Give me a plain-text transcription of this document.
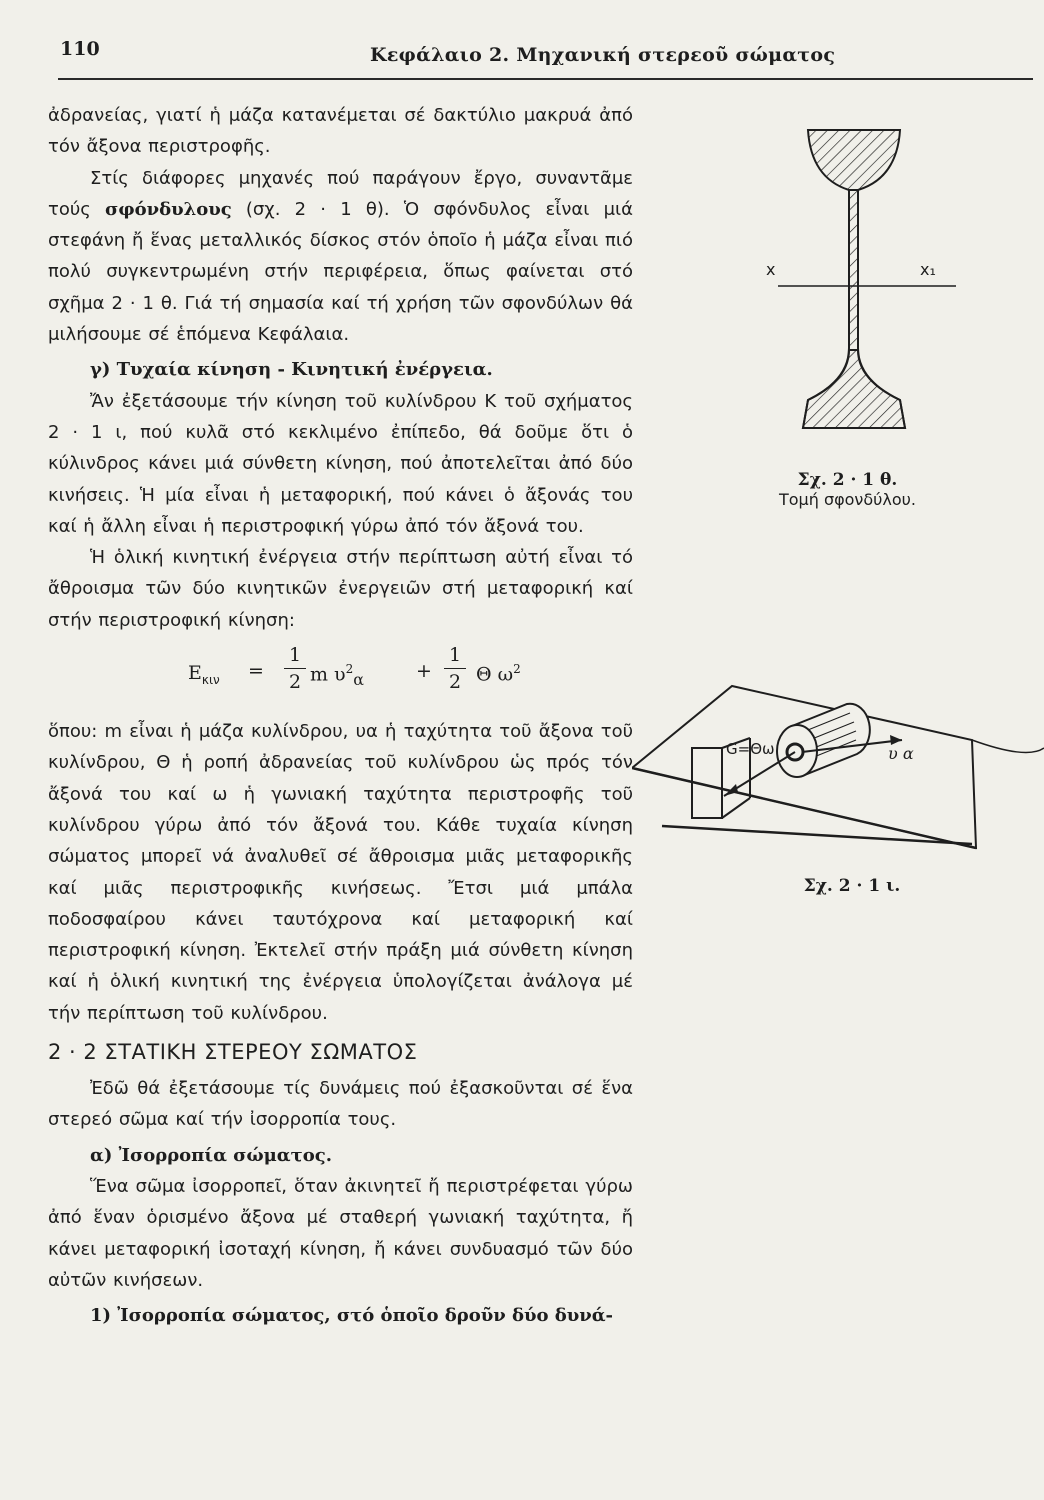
110	Κεφάλαιο 2. Μηχανική στερεοῦ σώματος

ἀδρανείας, γιατί ἡ μάζα κατανέμεται σέ δακτύλιο μακρυά ἀπό τόν ἄξονα περιστροφῆς.

Στίς διάφορες μηχανές πού παράγουν ἔργο, συναντᾶμε τούς σφόνδυλους (σχ. 2 · 1 θ). Ὁ σφόνδυλος εἶναι μιά στεφάνη ἤ ἕνας μεταλλικός δίσκος στόν ὁποῖο ἡ μάζα εἶναι πιό πολύ συγκεντρωμένη στήν περιφέρεια, ὅπως φαίνεται στό σχῆμα 2 · 1 θ. Γιά τή σημασία καί τή χρήση τῶν σφονδύλων θά μιλήσουμε σέ ἑπόμενα Κεφάλαια.

γ) Τυχαία κίνηση - Κινητική ἐνέργεια.

Ἄν ἐξετάσουμε τήν κίνηση τοῦ κυλίνδρου Κ τοῦ σχήματος 2 · 1 ι, πού κυλᾶ στό κεκλιμένο ἐπίπεδο, θά δοῦμε ὅτι ὁ κύλινδρος κάνει μιά σύνθετη κίνηση, πού ἀποτελεῖται ἀπό δύο κινήσεις. Ἡ μία εἶναι ἡ μεταφορική, πού κάνει ὁ ἄξονάς του καί ἡ ἄλλη εἶναι ἡ περιστροφική γύρω ἀπό τόν ἄξονά του.

Ἡ ὁλική κινητική ἐνέργεια στήν περίπτωση αὐτή εἶναι τό ἄθροισμα τῶν δύο κινητικῶν ἐνεργειῶν στή μεταφορική καί στήν περιστροφική κίνηση:

$E_{\kappa\iota\nu}$ =
1
2 m $\upsilon^2_\alpha$	+
1
2 Θ $\omega^2$

ὅπου: m εἶναι ἡ μάζα κυλίνδρου, υα ἡ ταχύτητα τοῦ ἄξονα τοῦ κυλίνδρου, Θ ἡ ροπή ἀδρανείας τοῦ κυλίνδρου ὡς πρός τόν ἄξονά του καί ω ἡ γωνιακή ταχύτητα περιστροφῆς τοῦ κυλίνδρου γύρω ἀπό τόν ἄξονά του. Κάθε τυχαία κίνηση σώματος μπορεῖ νά ἀναλυθεῖ σέ ἄθροισμα μιᾶς μεταφορικῆς καί μιᾶς περιστροφικῆς κινήσεως. Ἔτσι μιά μπάλα ποδοσφαίρου κάνει ταυτόχρονα καί μεταφορική καί περιστροφική κίνηση. Ἐκτελεῖ στήν πράξη μιά σύνθετη κίνηση καί ἡ ὁλική κινητική της ἐνέργεια ὑπολογίζεται ἀνάλογα μέ τήν περίπτωση τοῦ κυλίνδρου.

2 · 2 ΣΤΑΤΙΚΗ ΣΤΕΡΕΟΥ ΣΩΜΑΤΟΣ

Ἐδῶ θά ἐξετάσουμε τίς δυνάμεις πού ἐξασκοῦνται σέ ἕνα στερεό σῶμα καί τήν ἰσορροπία τους.

α) Ἰσορροπία σώματος.

Ἕνα σῶμα ἰσορροπεῖ, ὅταν ἀκινητεῖ ἤ περιστρέφεται γύρω ἀπό ἕναν ὁρισμένο ἄξονα μέ σταθερή γωνιακή ταχύτητα, ἤ κάνει μεταφορική ἰσοταχή κίνηση, ἤ κάνει συνδυασμό τῶν δύο αὐτῶν κινήσεων.

1) Ἰσορροπία σώματος, στό ὁποῖο δροῦν δύο δυνά-

x	x₁
Σχ. 2 · 1 θ.
Τομή σφονδύλου.
G=Θω	υ α
Σχ. 2 · 1 ι.
